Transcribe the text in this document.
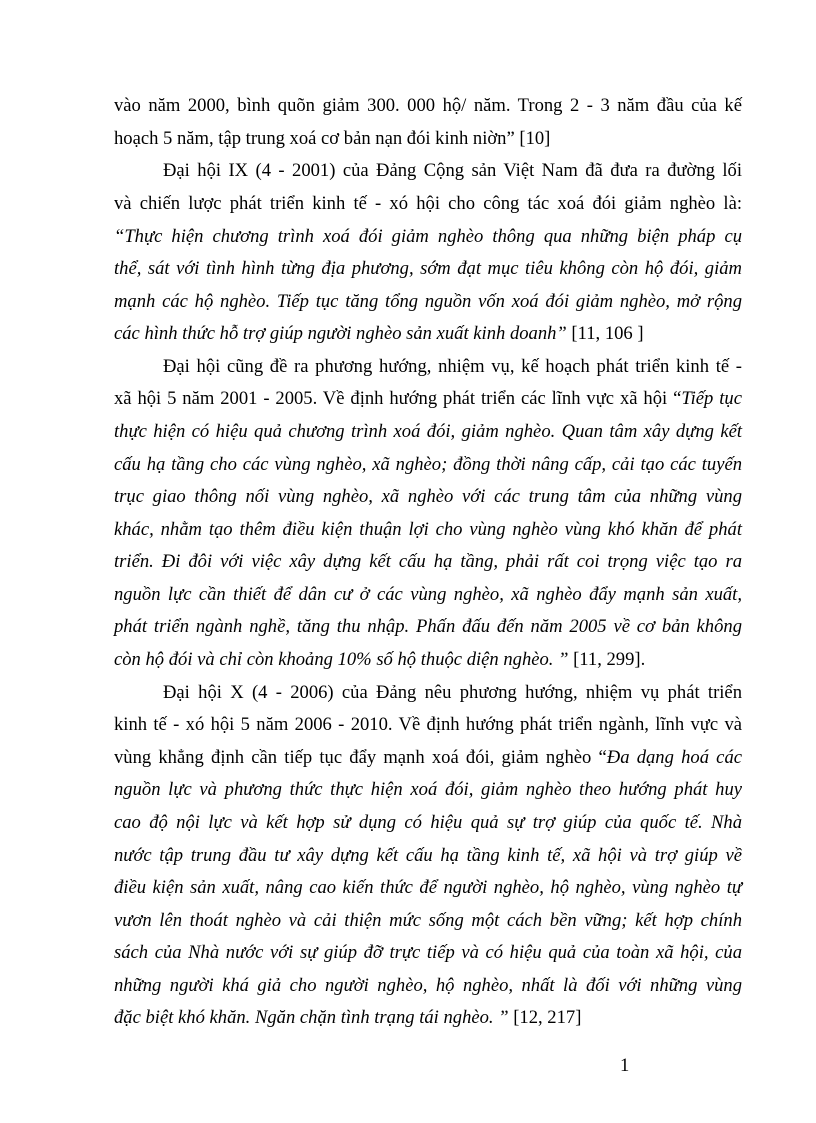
vào năm 2000, bình quõn giảm 300. 000 hộ/ năm. Trong 2 - 3 năm đầu của kế
hoạch 5 năm, tập trung xoá cơ bản nạn đói kinh niờn” [10]
Đại hội IX (4 - 2001) của Đảng Cộng sản Việt Nam đã đưa ra đường lối
và chiến lược phát triển kinh tế - xó hội cho công tác xoá đói giảm nghèo là:
“Thực hiện chương trình xoá đói giảm nghèo thông qua những biện pháp cụ
thể, sát với tình hình từng địa phương, sớm đạt mục tiêu không còn hộ đói, giảm
mạnh các hộ nghèo. Tiếp tục tăng tổng nguồn vốn xoá đói giảm nghèo, mở rộng
các hình thức hỗ trợ giúp người nghèo sản xuất kinh doanh” [11, 106 ]
Đại hội cũng đề ra phương hướng, nhiệm vụ, kế hoạch phát triển kinh tế -
xã hội 5 năm 2001 - 2005. Về định hướng phát triển các lĩnh vực xã hội “Tiếp tục
thực hiện có hiệu quả chương trình xoá đói, giảm nghèo. Quan tâm xây dựng kết
cấu hạ tầng cho các vùng nghèo, xã nghèo; đồng thời nâng cấp, cải tạo các tuyến
trục giao thông nối vùng nghèo, xã nghèo với các trung tâm của những vùng
khác, nhằm tạo thêm điều kiện thuận lợi cho vùng nghèo vùng khó khăn để phát
triển. Đi đôi với việc xây dựng kết cấu hạ tầng, phải rất coi trọng việc tạo ra
nguồn lực cần thiết để dân cư ở các vùng nghèo, xã nghèo đẩy mạnh sản xuất,
phát triển ngành nghề, tăng thu nhập. Phấn đấu đến năm 2005 về cơ bản không
còn hộ đói và chỉ còn khoảng 10% số hộ thuộc diện nghèo. ” [11, 299].
Đại hội X (4 - 2006) của Đảng nêu phương hướng, nhiệm vụ phát triển
kinh tế - xó hội 5 năm 2006 - 2010. Về định hướng phát triển ngành, lĩnh vực và
vùng khẳng định cần tiếp tục đẩy mạnh xoá đói, giảm nghèo “Đa dạng hoá các
nguồn lực và phương thức thực hiện xoá đói, giảm nghèo theo hướng phát huy
cao độ nội lực và kết hợp sử dụng có hiệu quả sự trợ giúp của quốc tế. Nhà
nước tập trung đầu tư xây dựng kết cấu hạ tầng kinh tế, xã hội và trợ giúp về
điều kiện sản xuất, nâng cao kiến thức để người nghèo, hộ nghèo, vùng nghèo tự
vươn lên thoát nghèo và cải thiện mức sống một cách bền vững; kết hợp chính
sách của Nhà nước với sự giúp đỡ trực tiếp và có hiệu quả của toàn xã hội, của
những người khá giả cho người nghèo, hộ nghèo, nhất là đối với những vùng
đặc biệt khó khăn. Ngăn chặn tình trạng tái nghèo. ” [12, 217]
1
